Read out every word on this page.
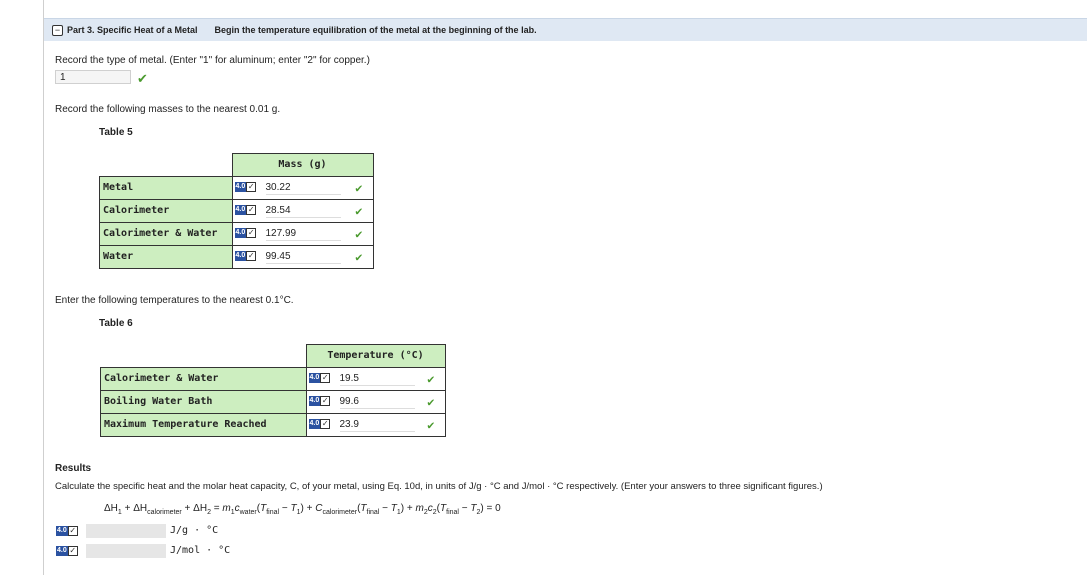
− Part 3. Specific Heat of a Metal Begin the temperature equilibration of the metal at the beginning of the lab.
Record the type of metal. (Enter "1" for aluminum; enter "2" for copper.)
1	✔
Record the following masses to the nearest 0.01 g.
Table 5
	Mass (g)
Metal	4.0 ✓ 30.22 ✔

Calorimeter	4.0 ✓ 28.54 ✔

Calorimeter & Water	4.0 ✓ 127.99 ✔

Water	4.0 ✓ 99.45 ✔
Enter the following temperatures to the nearest 0.1°C.
Table 6
	Temperature (°C)
Calorimeter & Water	4.0 ✓ 19.5 ✔

Boiling Water Bath	4.0 ✓ 99.6 ✔

Maximum Temperature Reached	4.0 ✓ 23.9 ✔
Results
Calculate the specific heat and the molar heat capacity, C, of your metal, using Eq. 10d, in units of J/g · °C and J/mol · °C respectively. (Enter your answers to three significant figures.)
$\Delta H_1 + \Delta H_{calorimeter} + \Delta H_2 = m_1c_{water}(T_{final} - T_1) + C_{calorimeter}(T_{final} - T_1) + m_2c_2(T_{final} - T_2) = 0$
4.0 ✓	J/g · °C
4.0 ✓	J/mol · °C
